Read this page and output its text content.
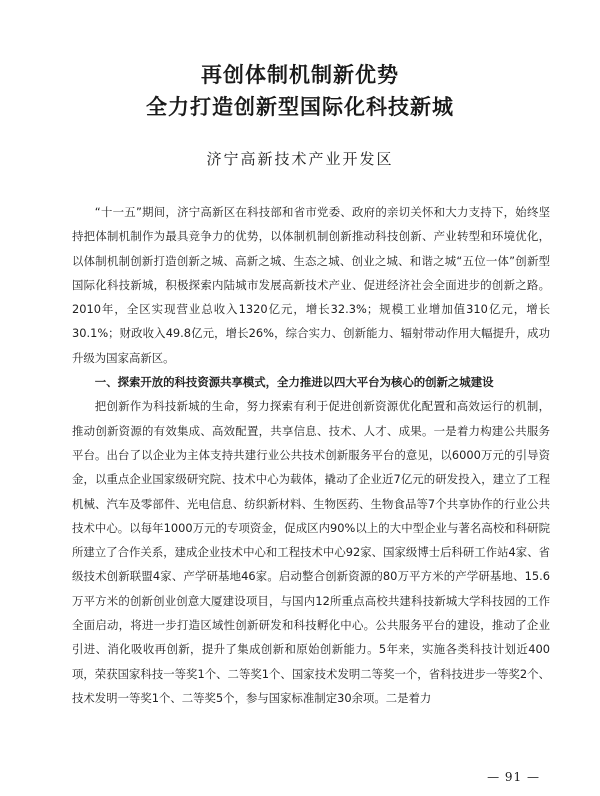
再创体制机制新优势
全力打造创新型国际化科技新城
济宁高新技术产业开发区

“十一五”期间，济宁高新区在科技部和省市党委、政府的亲切关怀和大力支持下，始终坚持把体制机制作为最具竞争力的优势，以体制机制创新推动科技创新、产业转型和环境优化，以体制机制创新打造创新之城、高新之城、生态之城、创业之城、和谐之城“五位一体”创新型国际化科技新城，积极探索内陆城市发展高新技术产业、促进经济社会全面进步的创新之路。2010年，全区实现营业总收入1320亿元，增长32.3%；规模工业增加值310亿元，增长30.1%；财政收入49.8亿元，增长26%，综合实力、创新能力、辐射带动作用大幅提升，成功升级为国家高新区。

一、探索开放的科技资源共享模式，全力推进以四大平台为核心的创新之城建设

把创新作为科技新城的生命，努力探索有利于促进创新资源优化配置和高效运行的机制，推动创新资源的有效集成、高效配置，共享信息、技术、人才、成果。一是着力构建公共服务平台。出台了以企业为主体支持共建行业公共技术创新服务平台的意见，以6000万元的引导资金，以重点企业国家级研究院、技术中心为载体，撬动了企业近7亿元的研发投入，建立了工程机械、汽车及零部件、光电信息、纺织新材料、生物医药、生物食品等7个共享协作的行业公共技术中心。以每年1000万元的专项资金，促成区内90%以上的大中型企业与著名高校和科研院所建立了合作关系，建成企业技术中心和工程技术中心92家、国家级博士后科研工作站4家、省级技术创新联盟4家、产学研基地46家。启动整合创新资源的80万平方米的产学研基地、15.6万平方米的创新创业创意大厦建设项目，与国内12所重点高校共建科技新城大学科技园的工作全面启动，将进一步打造区域性创新研发和科技孵化中心。公共服务平台的建设，推动了企业引进、消化吸收再创新，提升了集成创新和原始创新能力。5年来，实施各类科技计划近400项，荣获国家科技一等奖1个、二等奖1个、国家技术发明二等奖一个，省科技进步一等奖2个、技术发明一等奖1个、二等奖5个，参与国家标准制定30余项。二是着力

— 91 —
